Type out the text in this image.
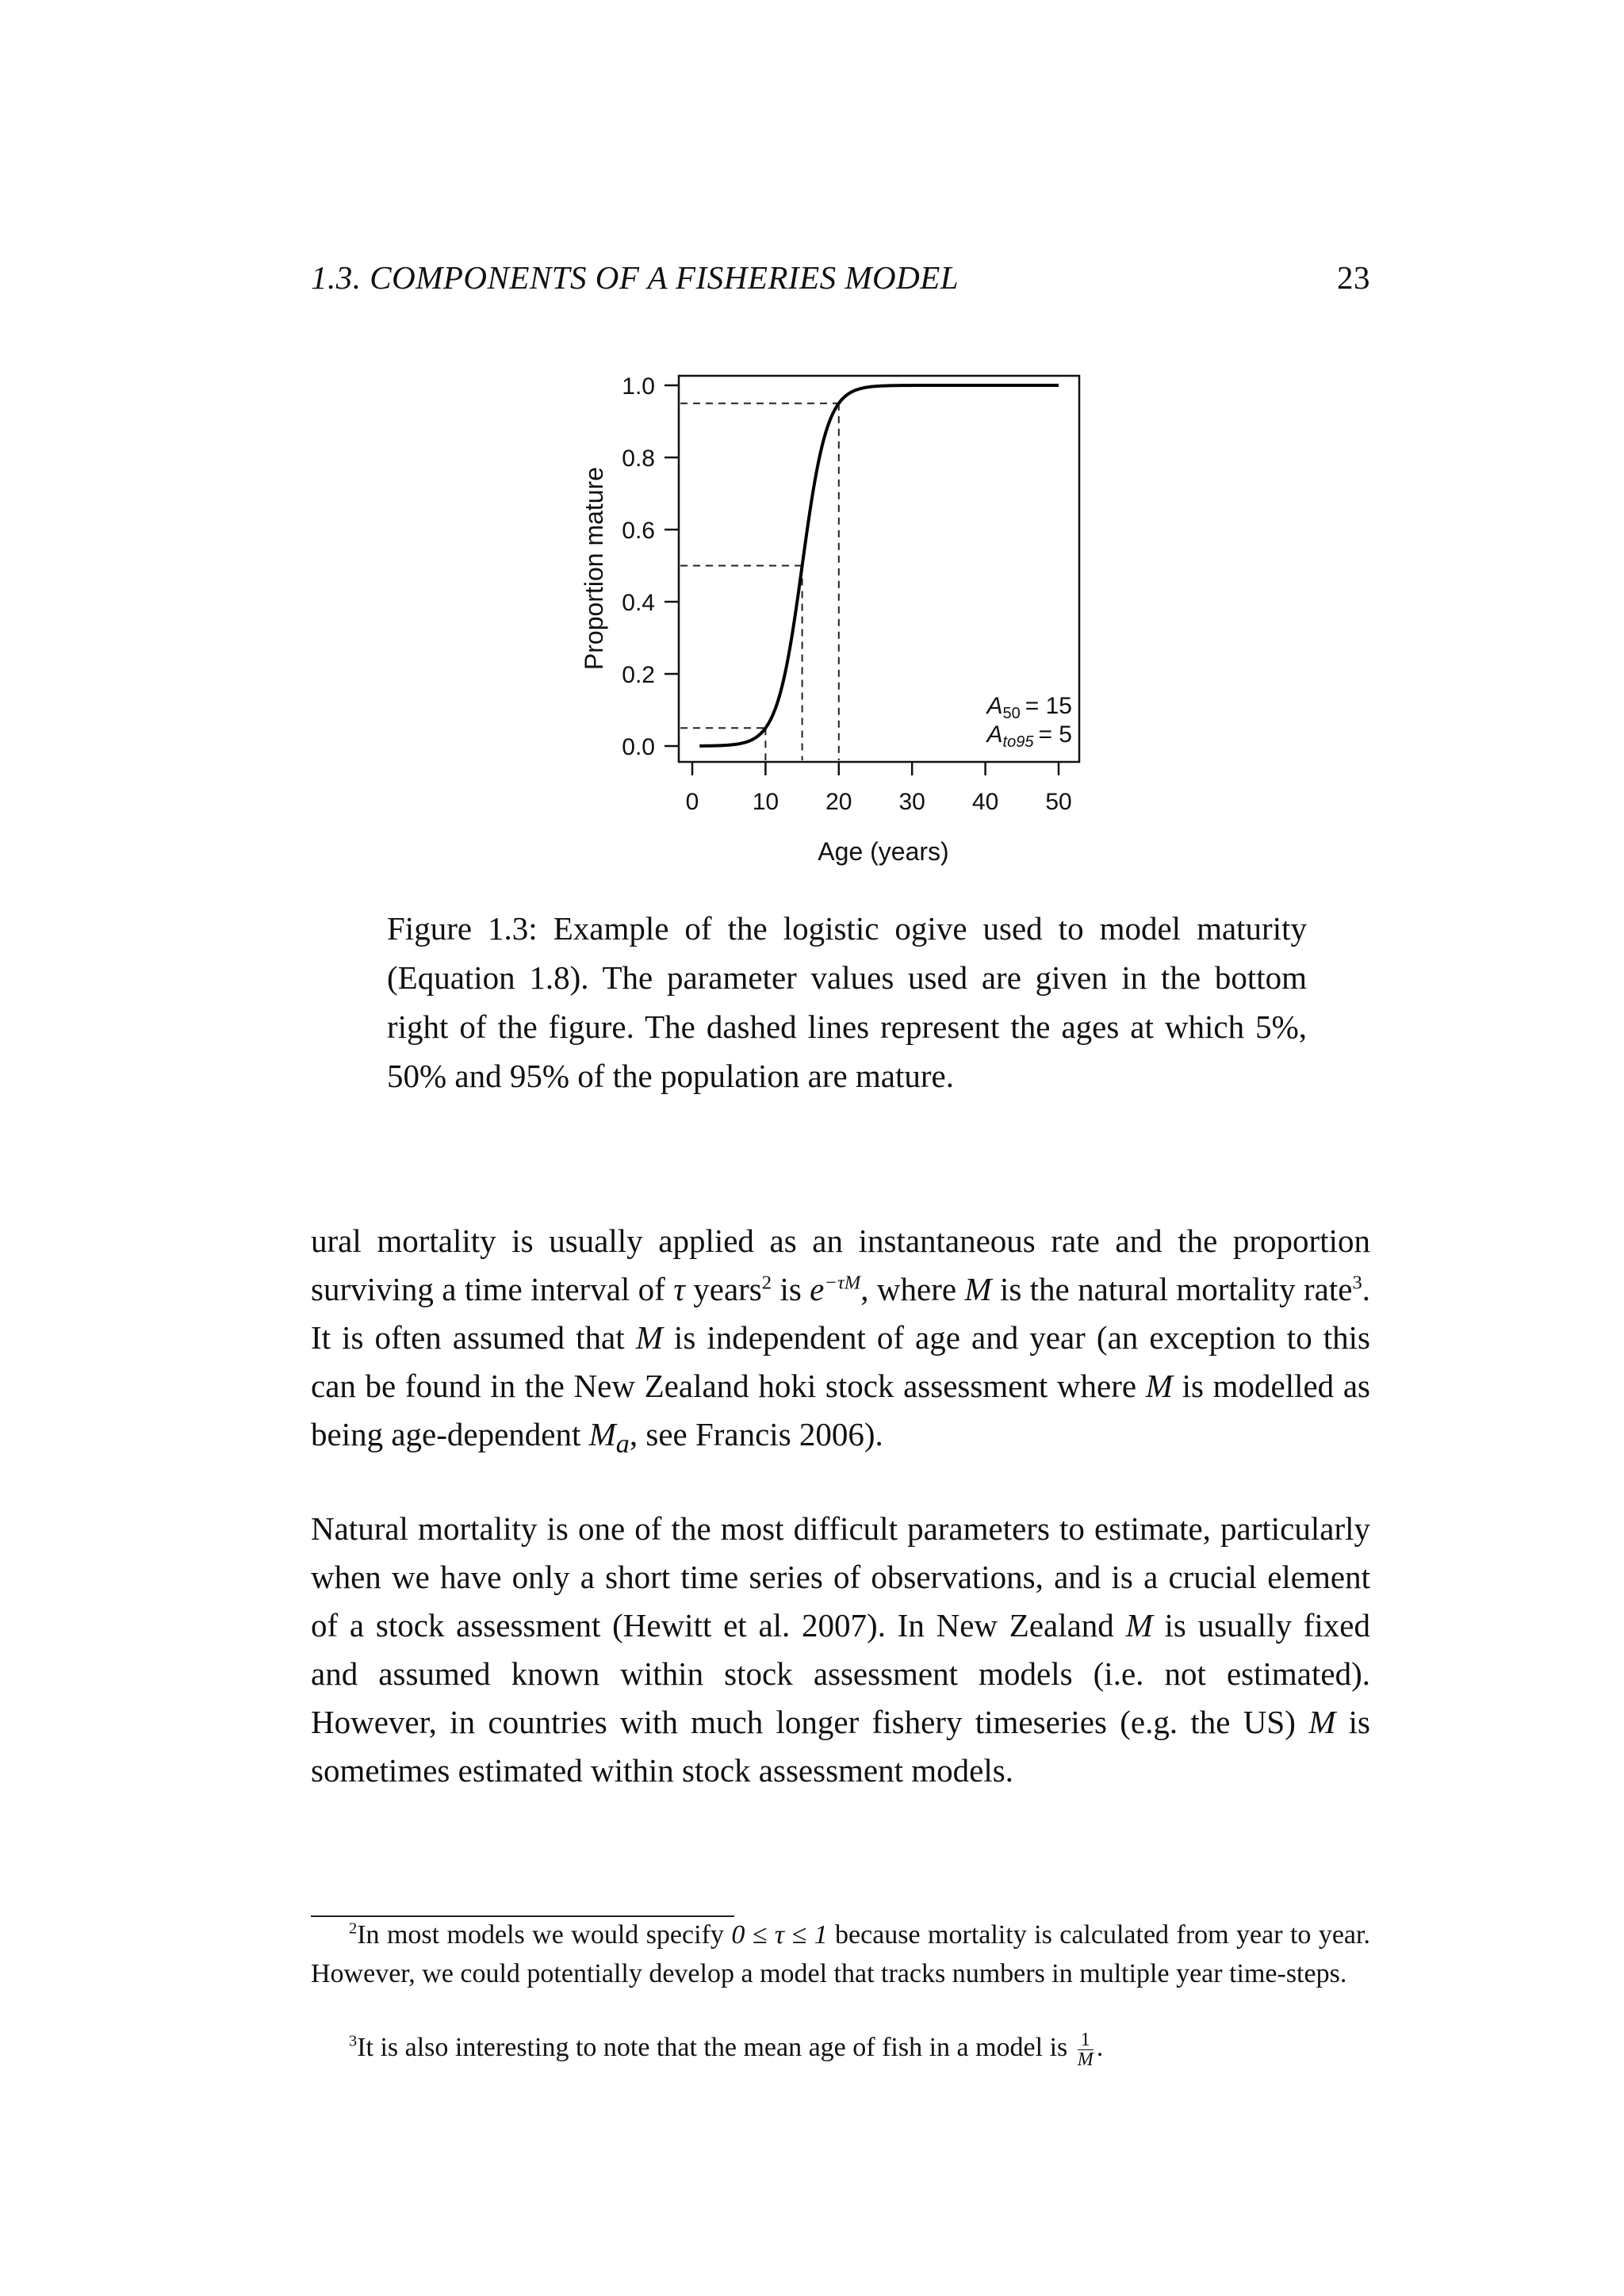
1.3. COMPONENTS OF A FISHERIES MODEL	23
0.0
0.2
0.4
0.6
0.8
1.0
0 10 20 30 40 50
Proportion mature
Age (years)
$A_{50} = 15$
$A_{to95} = 5$
Figure 1.3: Example of the logistic ogive used to model maturity (Equation 1.8). The parameter values used are given in the bottom right of the figure. The dashed lines represent the ages at which 5%, 50% and 95% of the population are mature.
ural mortality is usually applied as an instantaneous rate and the proportion surviving a time interval of τ years$^2$ is $e^{-\tau M}$, where M is the natural mortality rate$^3$. It is often assumed that M is independent of age and year (an exception to this can be found in the New Zealand hoki stock assessment where M is modelled as being age-dependent $M_a$, see Francis 2006).
Natural mortality is one of the most difficult parameters to estimate, particularly when we have only a short time series of observations, and is a crucial element of a stock assessment (Hewitt et al. 2007). In New Zealand M is usually fixed and assumed known within stock assessment models (i.e. not estimated). However, in countries with much longer fishery timeseries (e.g. the US) M is sometimes estimated within stock assessment models.
$^2$In most models we would specify 0 ≤ τ ≤ 1 because mortality is calculated from year to year. However, we could potentially develop a model that tracks numbers in multiple year time-steps.
$^3$It is also interesting to note that the mean age of fish in a model is $\frac{1}{M}$ .
